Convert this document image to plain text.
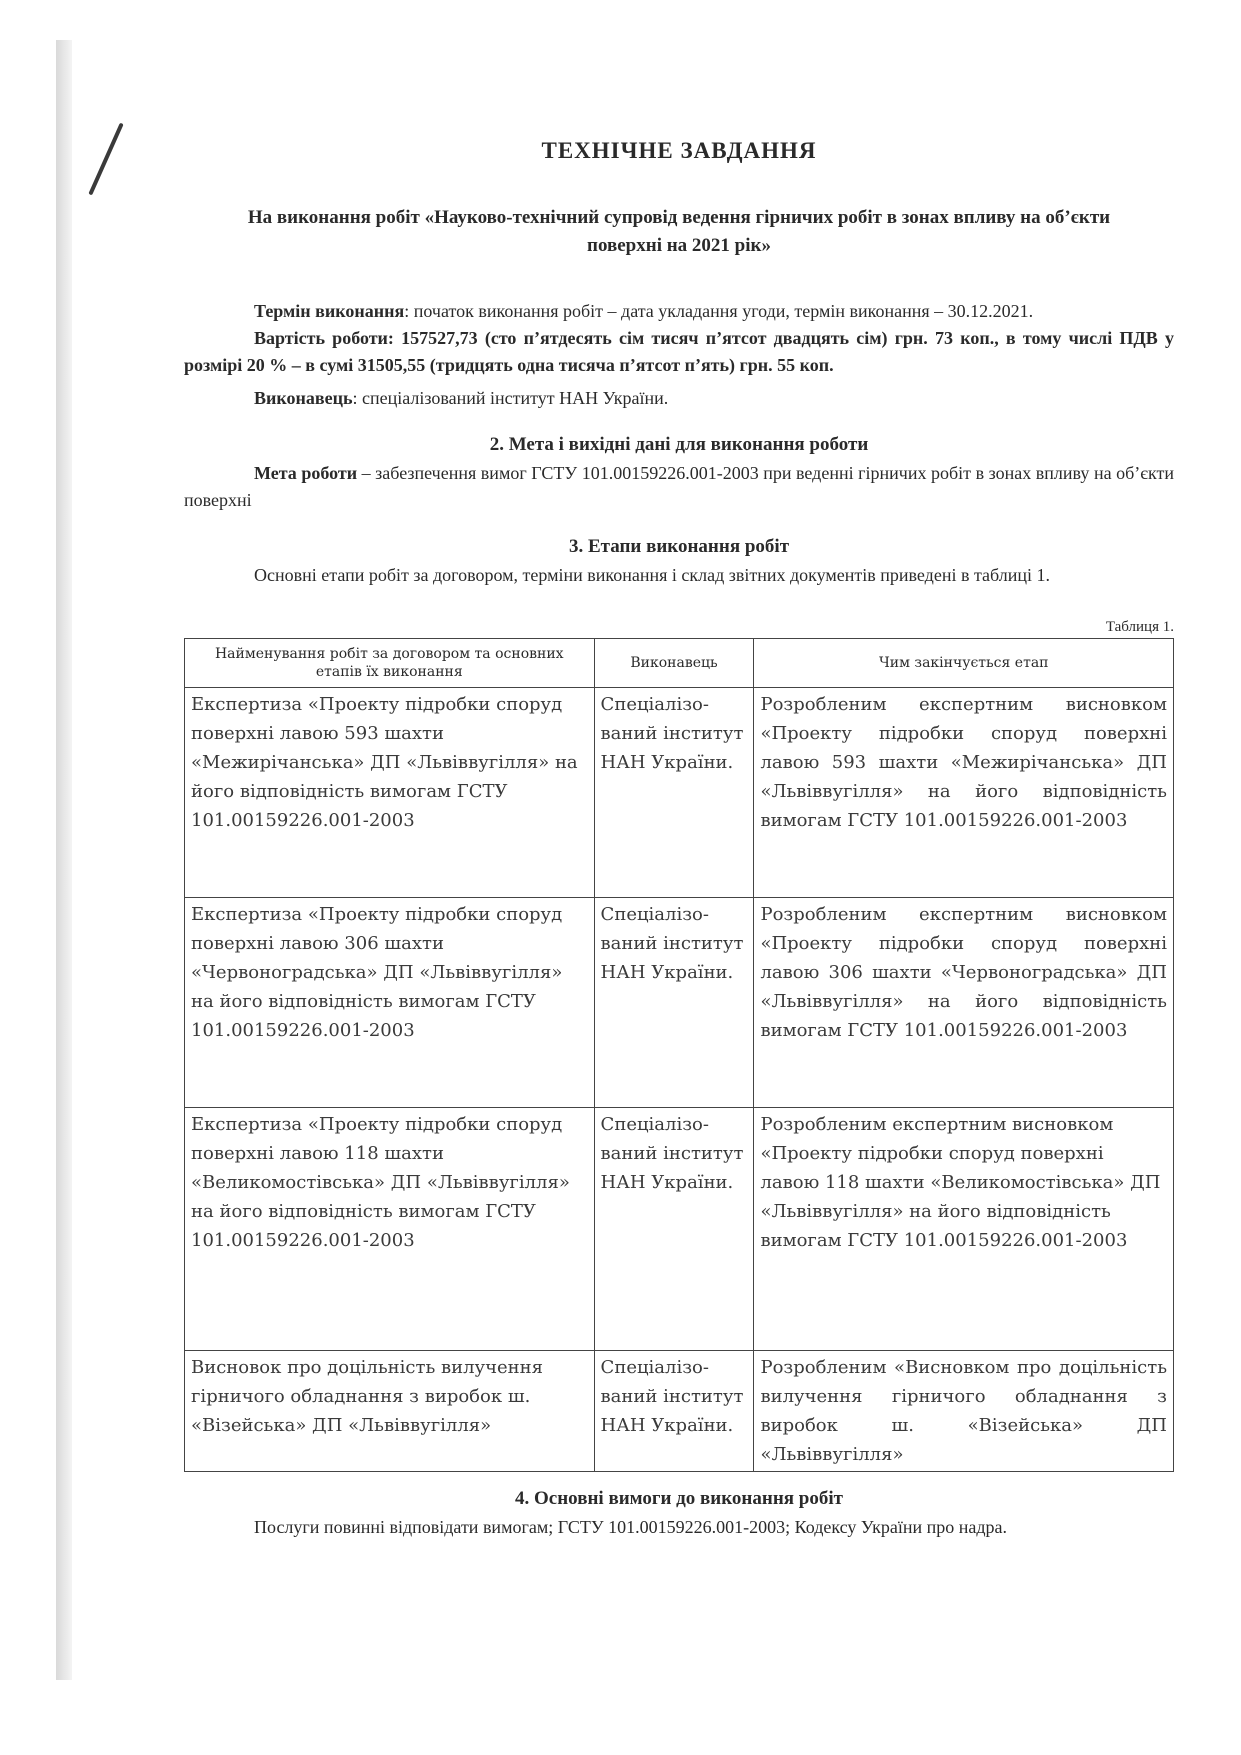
ТЕХНІЧНЕ ЗАВДАННЯ
На виконання робіт «Науково-технічний супровід ведення гірничих робіт в зонах впливу на об’єкти поверхні на 2021 рік»

Термін виконання: початок виконання робіт – дата укладання угоди, термін виконання – 30.12.2021.

Вартість роботи: 157527,73 (сто п’ятдесять сім тисяч п’ятсот двадцять сім) грн. 73 коп., в тому числі ПДВ у розмірі 20 % – в сумі 31505,55 (тридцять одна тисяча п’ятсот п’ять) грн. 55 коп.

Виконавець: спеціалізований інститут НАН України.

2. Мета і вихідні дані для виконання роботи

Мета роботи – забезпечення вимог ГСТУ 101.00159226.001-2003 при веденні гірничих робіт в зонах впливу на об’єкти поверхні

3. Етапи виконання робіт

Основні етапи робіт за договором, терміни виконання і склад звітних документів приведені в таблиці 1.

Таблиця 1.
Найменування робіт за договором та основних етапів їх виконання	Виконавець	Чим закінчується етап
Експертиза «Проекту підробки споруд поверхні лавою 593 шахти «Межирічанська» ДП «Львіввугілля» на його відповідність вимогам ГСТУ 101.00159226.001-2003	Спеціалізо-ваний інститут НАН України.	Розробленим експертним висновком «Проекту підробки споруд поверхні лавою 593 шахти «Межирічанська» ДП «Львіввугілля» на його відповідність вимогам ГСТУ 101.00159226.001-2003
Експертиза «Проекту підробки споруд поверхні лавою 306 шахти «Червоноградська» ДП «Львіввугілля» на його відповідність вимогам ГСТУ 101.00159226.001-2003	Спеціалізо-ваний інститут НАН України.	Розробленим експертним висновком «Проекту підробки споруд поверхні лавою 306 шахти «Червоноградська» ДП «Львіввугілля» на його відповідність вимогам ГСТУ 101.00159226.001-2003
Експертиза «Проекту підробки споруд поверхні лавою 118 шахти «Великомостівська» ДП «Львіввугілля» на його відповідність вимогам ГСТУ 101.00159226.001-2003	Спеціалізо-ваний інститут НАН України.	Розробленим експертним висновком «Проекту підробки споруд поверхні лавою 118 шахти «Великомостівська» ДП «Львіввугілля» на його відповідність вимогам ГСТУ 101.00159226.001-2003
Висновок про доцільність вилучення гірничого обладнання з виробок ш. «Візейська» ДП «Львіввугілля»	Спеціалізо-ваний інститут НАН України.	Розробленим «Висновком про доцільність вилучення гірничого обладнання з виробок ш. «Візейська» ДП «Львіввугілля»
4. Основні вимоги до виконання робіт

Послуги повинні відповідати вимогам; ГСТУ 101.00159226.001-2003; Кодексу України про надра.
